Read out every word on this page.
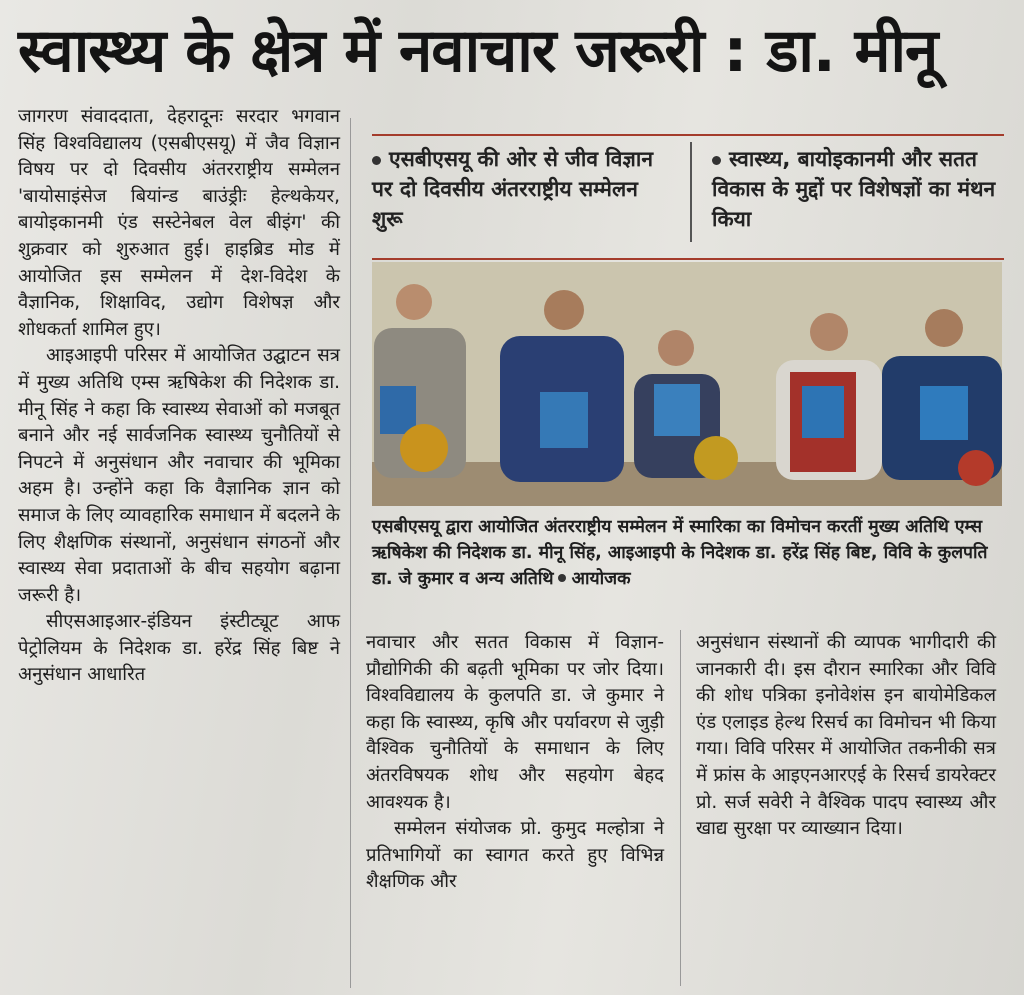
स्वास्थ्य के क्षेत्र में नवाचार जरूरी : डा. मीनू

जागरण संवाददाता, देहरादूनः सरदार भगवान सिंह विश्वविद्यालय (एसबीएसयू) में जैव विज्ञान विषय पर दो दिवसीय अंतरराष्ट्रीय सम्मेलन 'बायोसाइंसेज बियांन्ड बाउंड्रीः हेल्थकेयर, बायोइकानमी एंड सस्टेनेबल वेल बीइंग' की शुक्रवार को शुरुआत हुई। हाइब्रिड मोड में आयोजित इस सम्मेलन में देश-विदेश के वैज्ञानिक, शिक्षाविद, उद्योग विशेषज्ञ और शोधकर्ता शामिल हुए।

आइआइपी परिसर में आयोजित उद्घाटन सत्र में मुख्य अतिथि एम्स ऋषिकेश की निदेशक डा. मीनू सिंह ने कहा कि स्वास्थ्य सेवाओं को मजबूत बनाने और नई सार्वजनिक स्वास्थ्य चुनौतियों से निपटने में अनुसंधान और नवाचार की भूमिका अहम है। उन्होंने कहा कि वैज्ञानिक ज्ञान को समाज के लिए व्यावहारिक समाधान में बदलने के लिए शैक्षणिक संस्थानों, अनुसंधान संगठनों और स्वास्थ्य सेवा प्रदाताओं के बीच सहयोग बढ़ाना जरूरी है।

सीएसआइआर-इंडियन इंस्टीट्यूट आफ पेट्रोलियम के निदेशक डा. हरेंद्र सिंह बिष्ट ने अनुसंधान आधारित

एसबीएसयू की ओर से जीव विज्ञान पर दो दिवसीय अंतरराष्ट्रीय सम्मेलन शुरू
स्वास्थ्य, बायोइकानमी और सतत विकास के मुद्दों पर विशेषज्ञों का मंथन किया
एसबीएसयू द्वारा आयोजित अंतरराष्ट्रीय सम्मेलन में स्मारिका का विमोचन करतीं मुख्य अतिथि एम्स ऋषिकेश की निदेशक डा. मीनू सिंह, आइआइपी के निदेशक डा. हरेंद्र सिंह बिष्ट, विवि के कुलपति डा. जे कुमार व अन्य अतिथि आयोजक

नवाचार और सतत विकास में विज्ञान-प्रौद्योगिकी की बढ़ती भूमिका पर जोर दिया। विश्वविद्यालय के कुलपति डा. जे कुमार ने कहा कि स्वास्थ्य, कृषि और पर्यावरण से जुड़ी वैश्विक चुनौतियों के समाधान के लिए अंतरविषयक शोध और सहयोग बेहद आवश्यक है।

सम्मेलन संयोजक प्रो. कुमुद मल्होत्रा ने प्रतिभागियों का स्वागत करते हुए विभिन्न शैक्षणिक और

अनुसंधान संस्थानों की व्यापक भागीदारी की जानकारी दी। इस दौरान स्मारिका और विवि की शोध पत्रिका इनोवेशंस इन बायोमेडिकल एंड एलाइड हेल्थ रिसर्च का विमोचन भी किया गया। विवि परिसर में आयोजित तकनीकी सत्र में फ्रांस के आइएनआरएई के रिसर्च डायरेक्टर प्रो. सर्ज सवेरी ने वैश्विक पादप स्वास्थ्य और खाद्य सुरक्षा पर व्याख्यान दिया।
